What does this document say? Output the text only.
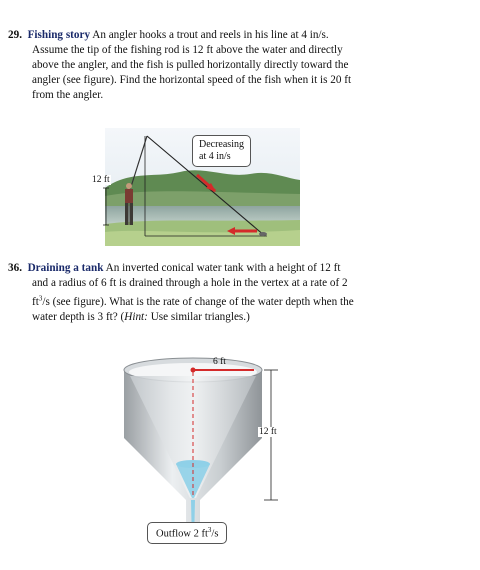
29. Fishing story An angler hooks a trout and reels in his line at 4 in/s. Assume the tip of the fishing rod is 12 ft above the water and directly above the angler, and the fish is pulled horizontally directly toward the angler (see figure). Find the horizontal speed of the fish when it is 20 ft from the angler.
Decreasing
at 4 in/s
12 ft
36. Draining a tank An inverted conical water tank with a height of 12 ft and a radius of 6 ft is drained through a hole in the vertex at a rate of 2 $ft^3/s$ (see figure). What is the rate of change of the water depth when the water depth is 3 ft? (Hint: Use similar triangles.)
6 ft
12 ft
Outflow 2 $ft^3/s$
